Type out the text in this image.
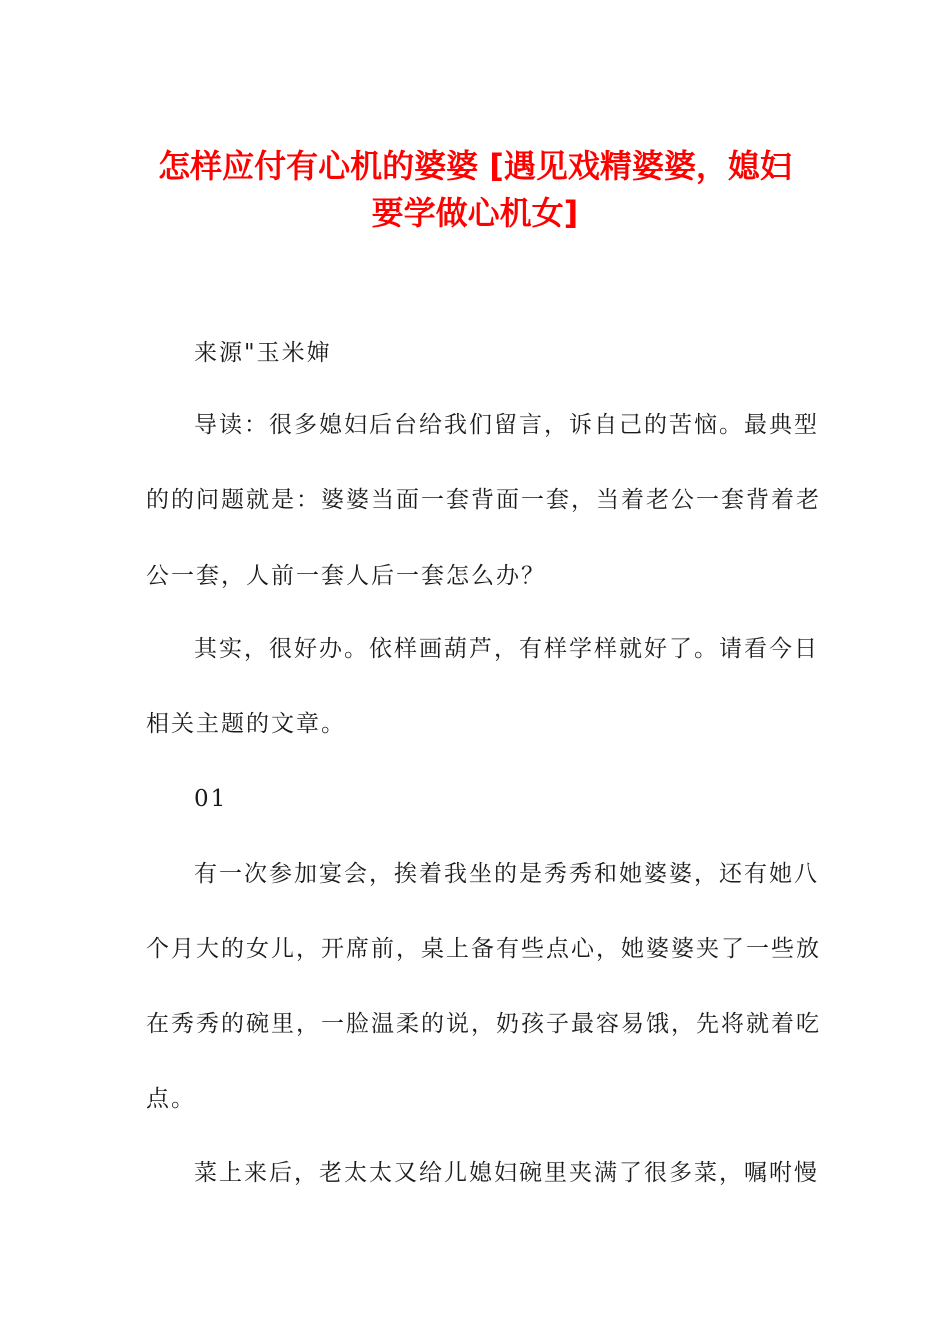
怎样应付有心机的婆婆 [遇见戏精婆婆，媳妇
要学做心机女]
来源"玉米婶
导读：很多媳妇后台给我们留言，诉自己的苦恼。最典型
的的问题就是：婆婆当面一套背面一套，当着老公一套背着老
公一套，人前一套人后一套怎么办？
其实，很好办。依样画葫芦，有样学样就好了。请看今日
相关主题的文章。
01
有一次参加宴会，挨着我坐的是秀秀和她婆婆，还有她八
个月大的女儿，开席前，桌上备有些点心，她婆婆夹了一些放
在秀秀的碗里，一脸温柔的说，奶孩子最容易饿，先将就着吃
点。
菜上来后，老太太又给儿媳妇碗里夹满了很多菜，嘱咐慢
